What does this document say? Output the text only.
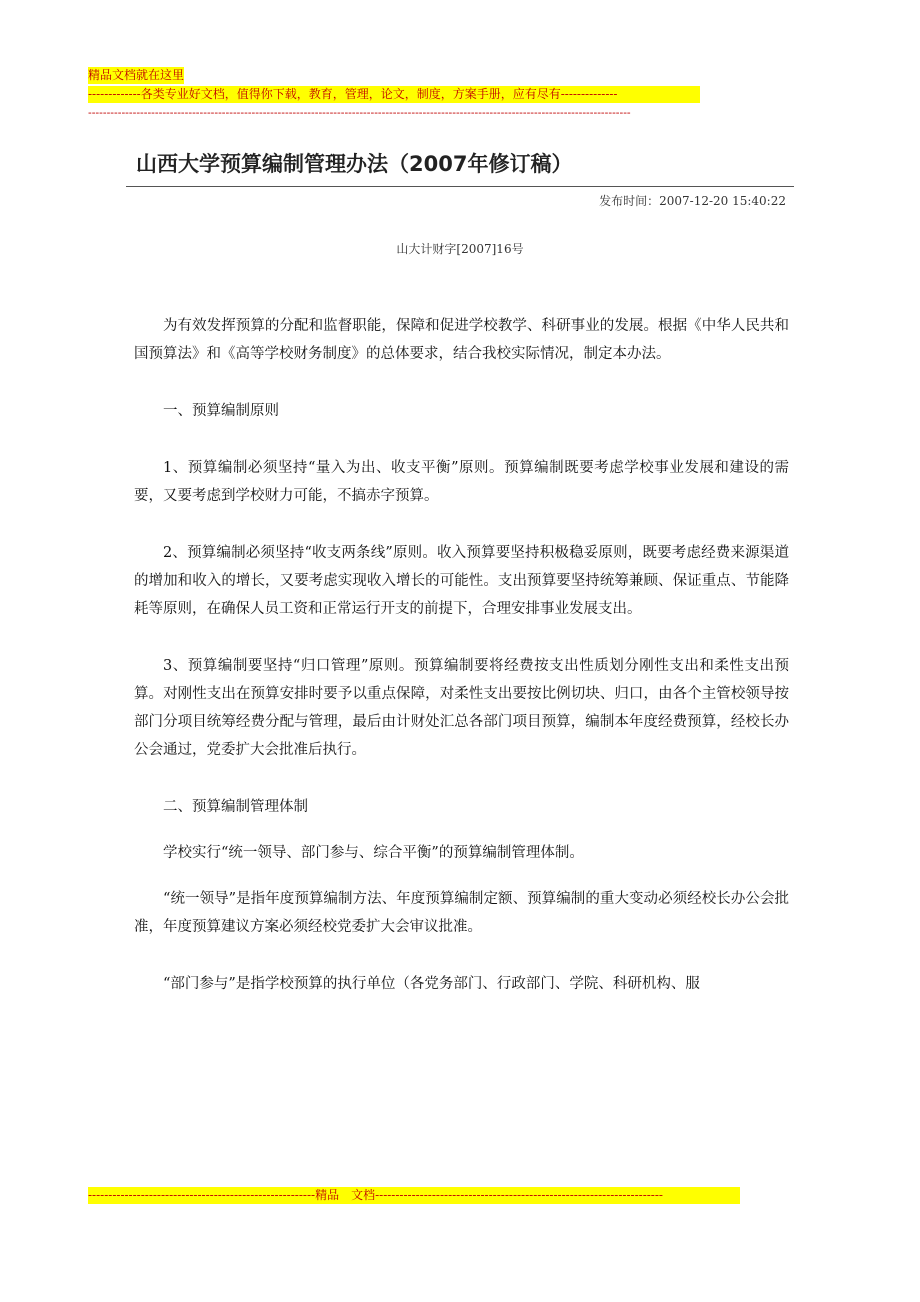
精品文档就在这里
-------------各类专业好文档，值得你下载，教育，管理，论文，制度，方案手册，应有尽有--------------
--------------------------------------------------------------------------------------------------------------------------------------------------
山西大学预算编制管理办法（2007年修订稿）
发布时间：2007-12-20 15:40:22
山大计财字[2007]16号

为有效发挥预算的分配和监督职能，保障和促进学校教学、科研事业的发展。根据《中华人民共和国预算法》和《高等学校财务制度》的总体要求，结合我校实际情况，制定本办法。

一、预算编制原则

1、预算编制必须坚持“量入为出、收支平衡”原则。预算编制既要考虑学校事业发展和建设的需要，又要考虑到学校财力可能，不搞赤字预算。

2、预算编制必须坚持“收支两条线”原则。收入预算要坚持积极稳妥原则，既要考虑经费来源渠道的增加和收入的增长，又要考虑实现收入增长的可能性。支出预算要坚持统筹兼顾、保证重点、节能降耗等原则，在确保人员工资和正常运行开支的前提下，合理安排事业发展支出。

3、预算编制要坚持“归口管理”原则。预算编制要将经费按支出性质划分刚性支出和柔性支出预算。对刚性支出在预算安排时要予以重点保障，对柔性支出要按比例切块、归口，由各个主管校领导按部门分项目统筹经费分配与管理，最后由计财处汇总各部门项目预算，编制本年度经费预算，经校长办公会通过，党委扩大会批准后执行。

二、预算编制管理体制

学校实行“统一领导、部门参与、综合平衡”的预算编制管理体制。

“统一领导”是指年度预算编制方法、年度预算编制定额、预算编制的重大变动必须经校长办公会批准，年度预算建议方案必须经校党委扩大会审议批准。

“部门参与”是指学校预算的执行单位（各党务部门、行政部门、学院、科研机构、服

--------------------------------------------------------精品　文档-----------------------------------------------------------------------
